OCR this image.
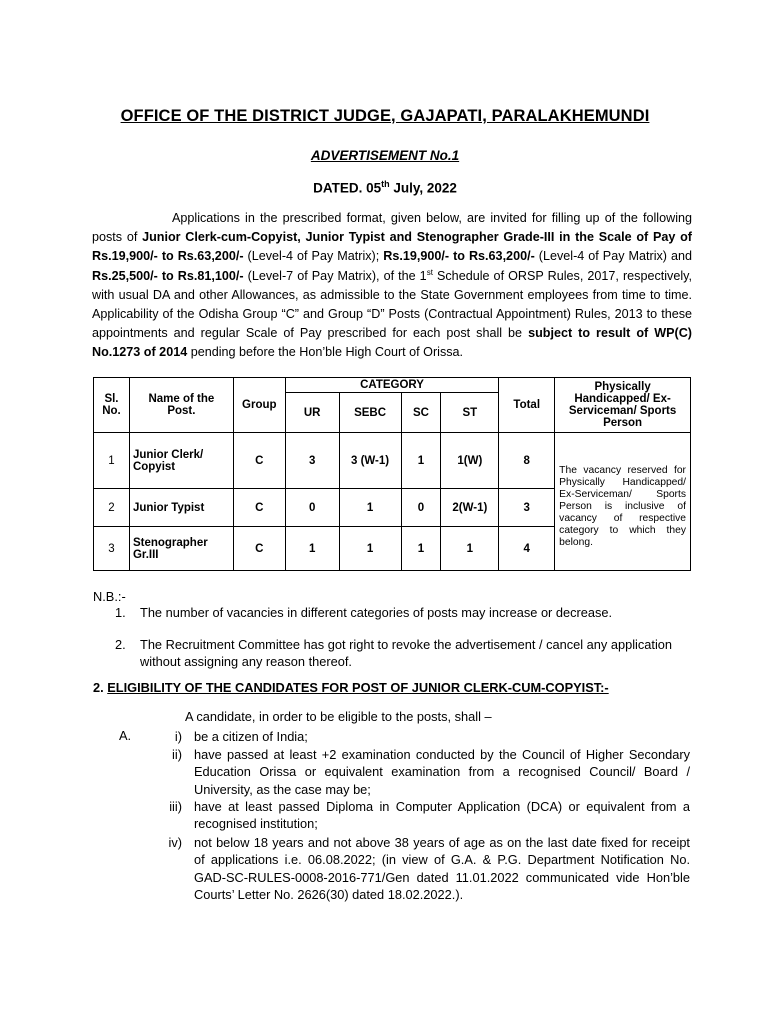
OFFICE OF THE DISTRICT JUDGE, GAJAPATI, PARALAKHEMUNDI
ADVERTISEMENT No.1
DATED. 05th July, 2022
Applications in the prescribed format, given below, are invited for filling up of the following posts of Junior Clerk-cum-Copyist, Junior Typist and Stenographer Grade-III in the Scale of Pay of Rs.19,900/- to Rs.63,200/- (Level-4 of Pay Matrix); Rs.19,900/- to Rs.63,200/- (Level-4 of Pay Matrix) and Rs.25,500/- to Rs.81,100/- (Level-7 of Pay Matrix), of the 1st Schedule of ORSP Rules, 2017, respectively, with usual DA and other Allowances, as admissible to the State Government employees from time to time. Applicability of the Odisha Group “C” and Group “D” Posts (Contractual Appointment) Rules, 2013 to these appointments and regular Scale of Pay prescribed for each post shall be subject to result of WP(C) No.1273 of 2014 pending before the Hon’ble High Court of Orissa.
Sl. No.	Name of the Post.	Group	CATEGORY				Total	Physically Handicapped/ Ex-Serviceman/ Sports Person
			UR	SEBC	SC	ST		
1	Junior Clerk/ Copyist	C	3	3 (W-1)	1	1(W)	8	The vacancy reserved for Physically Handicapped/ Ex-Serviceman/ Sports Person is inclusive of vacancy of respective category to which they belong.
2	Junior Typist	C	0	1	0	2(W-1)	3	
3	Stenographer Gr.III	C	1	1	1	1	4	
N.B.:-
1. The number of vacancies in different categories of posts may increase or decrease.
2. The Recruitment Committee has got right to revoke the advertisement / cancel any application without assigning any reason thereof.
2. ELIGIBILITY OF THE CANDIDATES FOR POST OF JUNIOR CLERK-CUM-COPYIST:-
A candidate, in order to be eligible to the posts, shall –
A.	i) be a citizen of India;
ii) have passed at least +2 examination conducted by the Council of Higher Secondary Education Orissa or equivalent examination from a recognised Council/ Board / University, as the case may be;
iii) have at least passed Diploma in Computer Application (DCA) or equivalent from a recognised institution;
iv) not below 18 years and not above 38 years of age as on the last date fixed for receipt of applications i.e. 06.08.2022; (in view of G.A. & P.G. Department Notification No. GAD-SC-RULES-0008-2016-771/Gen dated 11.01.2022 communicated vide Hon’ble Courts’ Letter No. 2626(30) dated 18.02.2022.).
